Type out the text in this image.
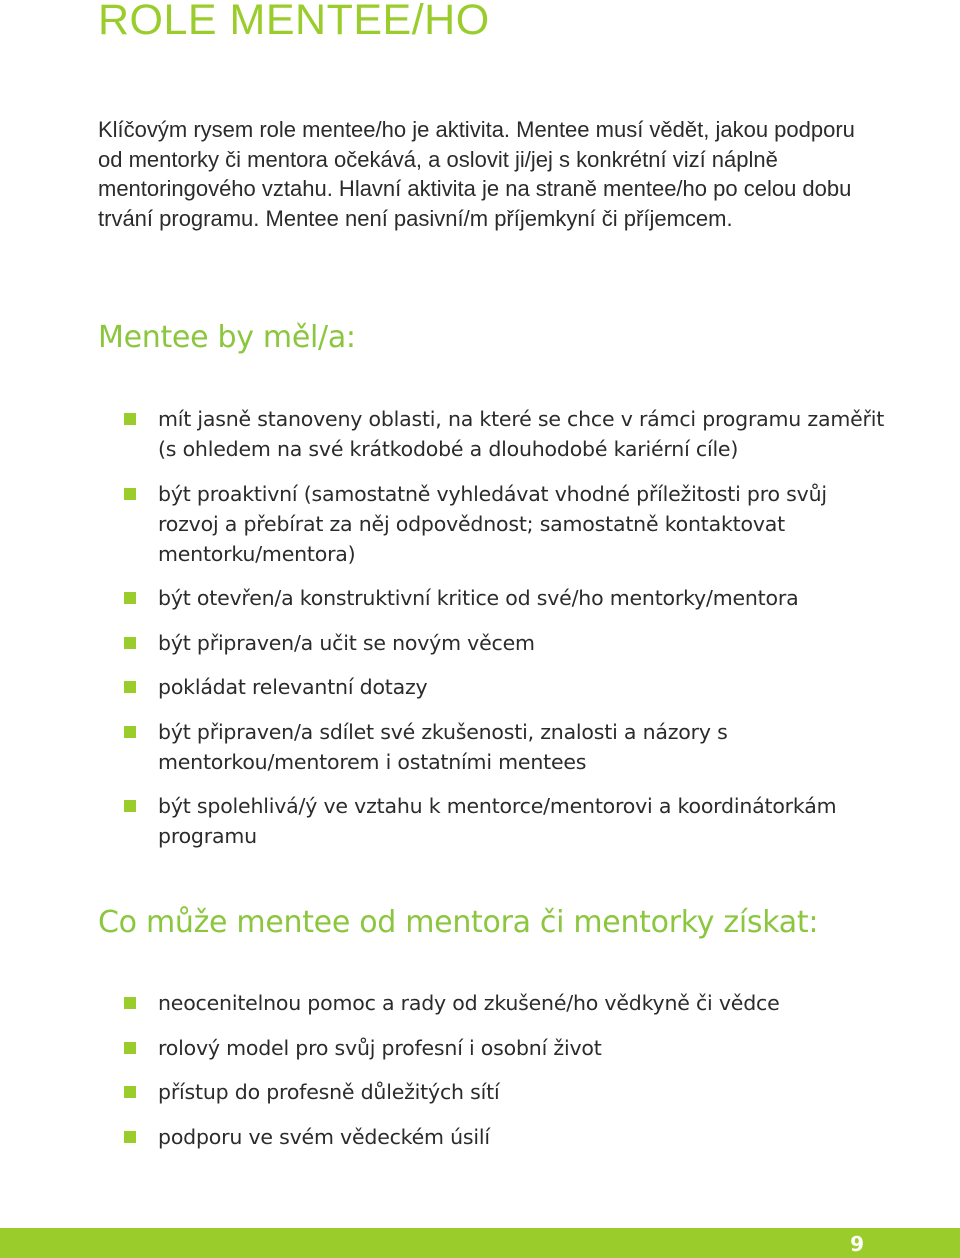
ROLE MENTEE/HO

Klíčovým rysem role mentee/ho je aktivita. Mentee musí vědět, jakou podporu od mentorky či mentora očekává, a oslovit ji/jej s konkrétní vizí náplně mentoringového vztahu. Hlavní aktivita je na straně mentee/ho po celou dobu trvání programu. Mentee není pasivní/m příjemkyní či příjemcem.

Mentee by měl/a:
mít jasně stanoveny oblasti, na které se chce v rámci programu zaměřit (s ohledem na své krátkodobé a dlouhodobé kariérní cíle)
být proaktivní (samostatně vyhledávat vhodné příležitosti pro svůj rozvoj a přebírat za něj odpovědnost; samostatně kontaktovat mentorku/mentora)
být otevřen/a konstruktivní kritice od své/ho mentorky/mentora
být připraven/a učit se novým věcem
pokládat relevantní dotazy
být připraven/a sdílet své zkušenosti, znalosti a názory s mentorkou/mentorem i ostatními mentees
být spolehlivá/ý ve vztahu k mentorce/mentorovi a koordinátorkám programu
Co může mentee od mentora či mentorky získat:
neocenitelnou pomoc a rady od zkušené/ho vědkyně či vědce
rolový model pro svůj profesní i osobní život
přístup do profesně důležitých sítí
podporu ve svém vědeckém úsilí
9
